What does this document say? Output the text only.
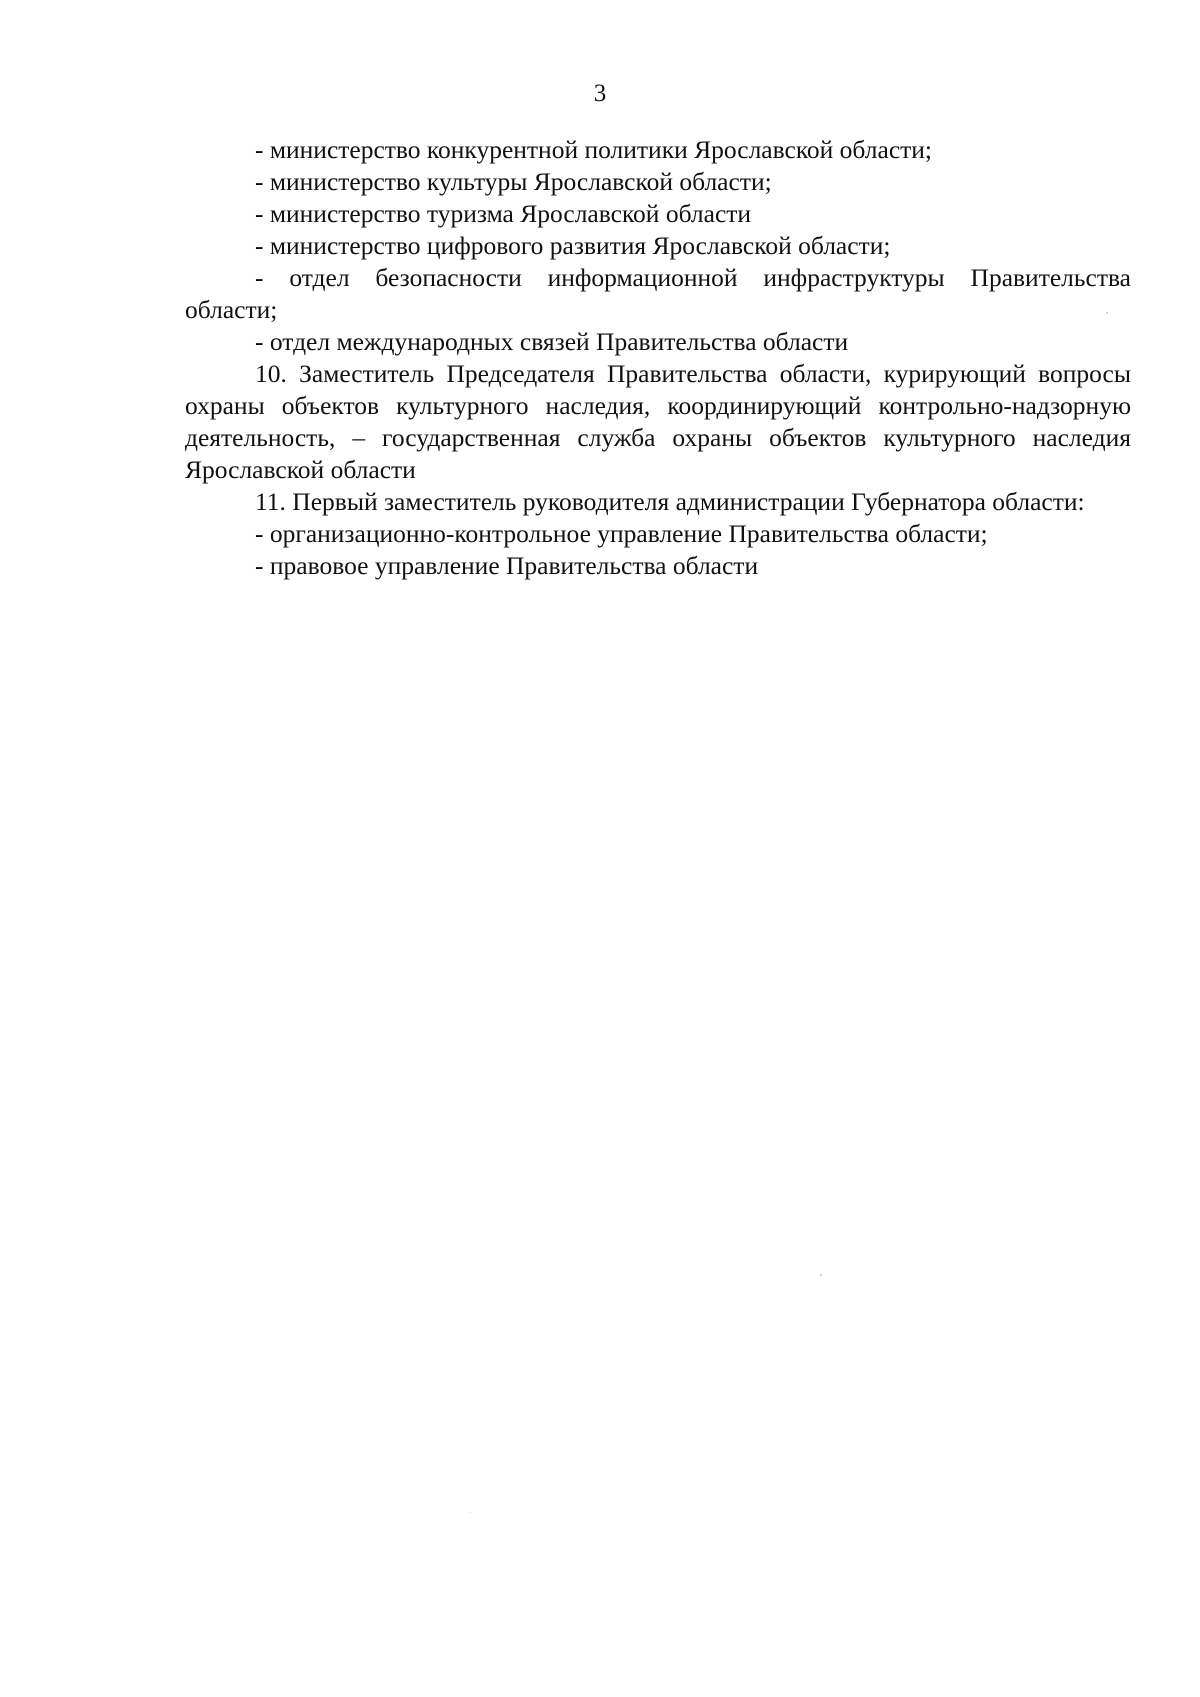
3

- министерство конкурентной политики Ярославской области;

- министерство культуры Ярославской области;

- министерство туризма Ярославской области

- министерство цифрового развития Ярославской области;

- отдел безопасности информационной инфраструктуры Правительства области;

- отдел международных связей Правительства области

10. Заместитель Председателя Правительства области, курирующий вопросы охраны объектов культурного наследия, координирующий контрольно-надзорную деятельность, – государственная служба охраны объектов культурного наследия Ярославской области

11. Первый заместитель руководителя администрации Губернатора области:

- организационно-контрольное управление Правительства области;

- правовое управление Правительства области
